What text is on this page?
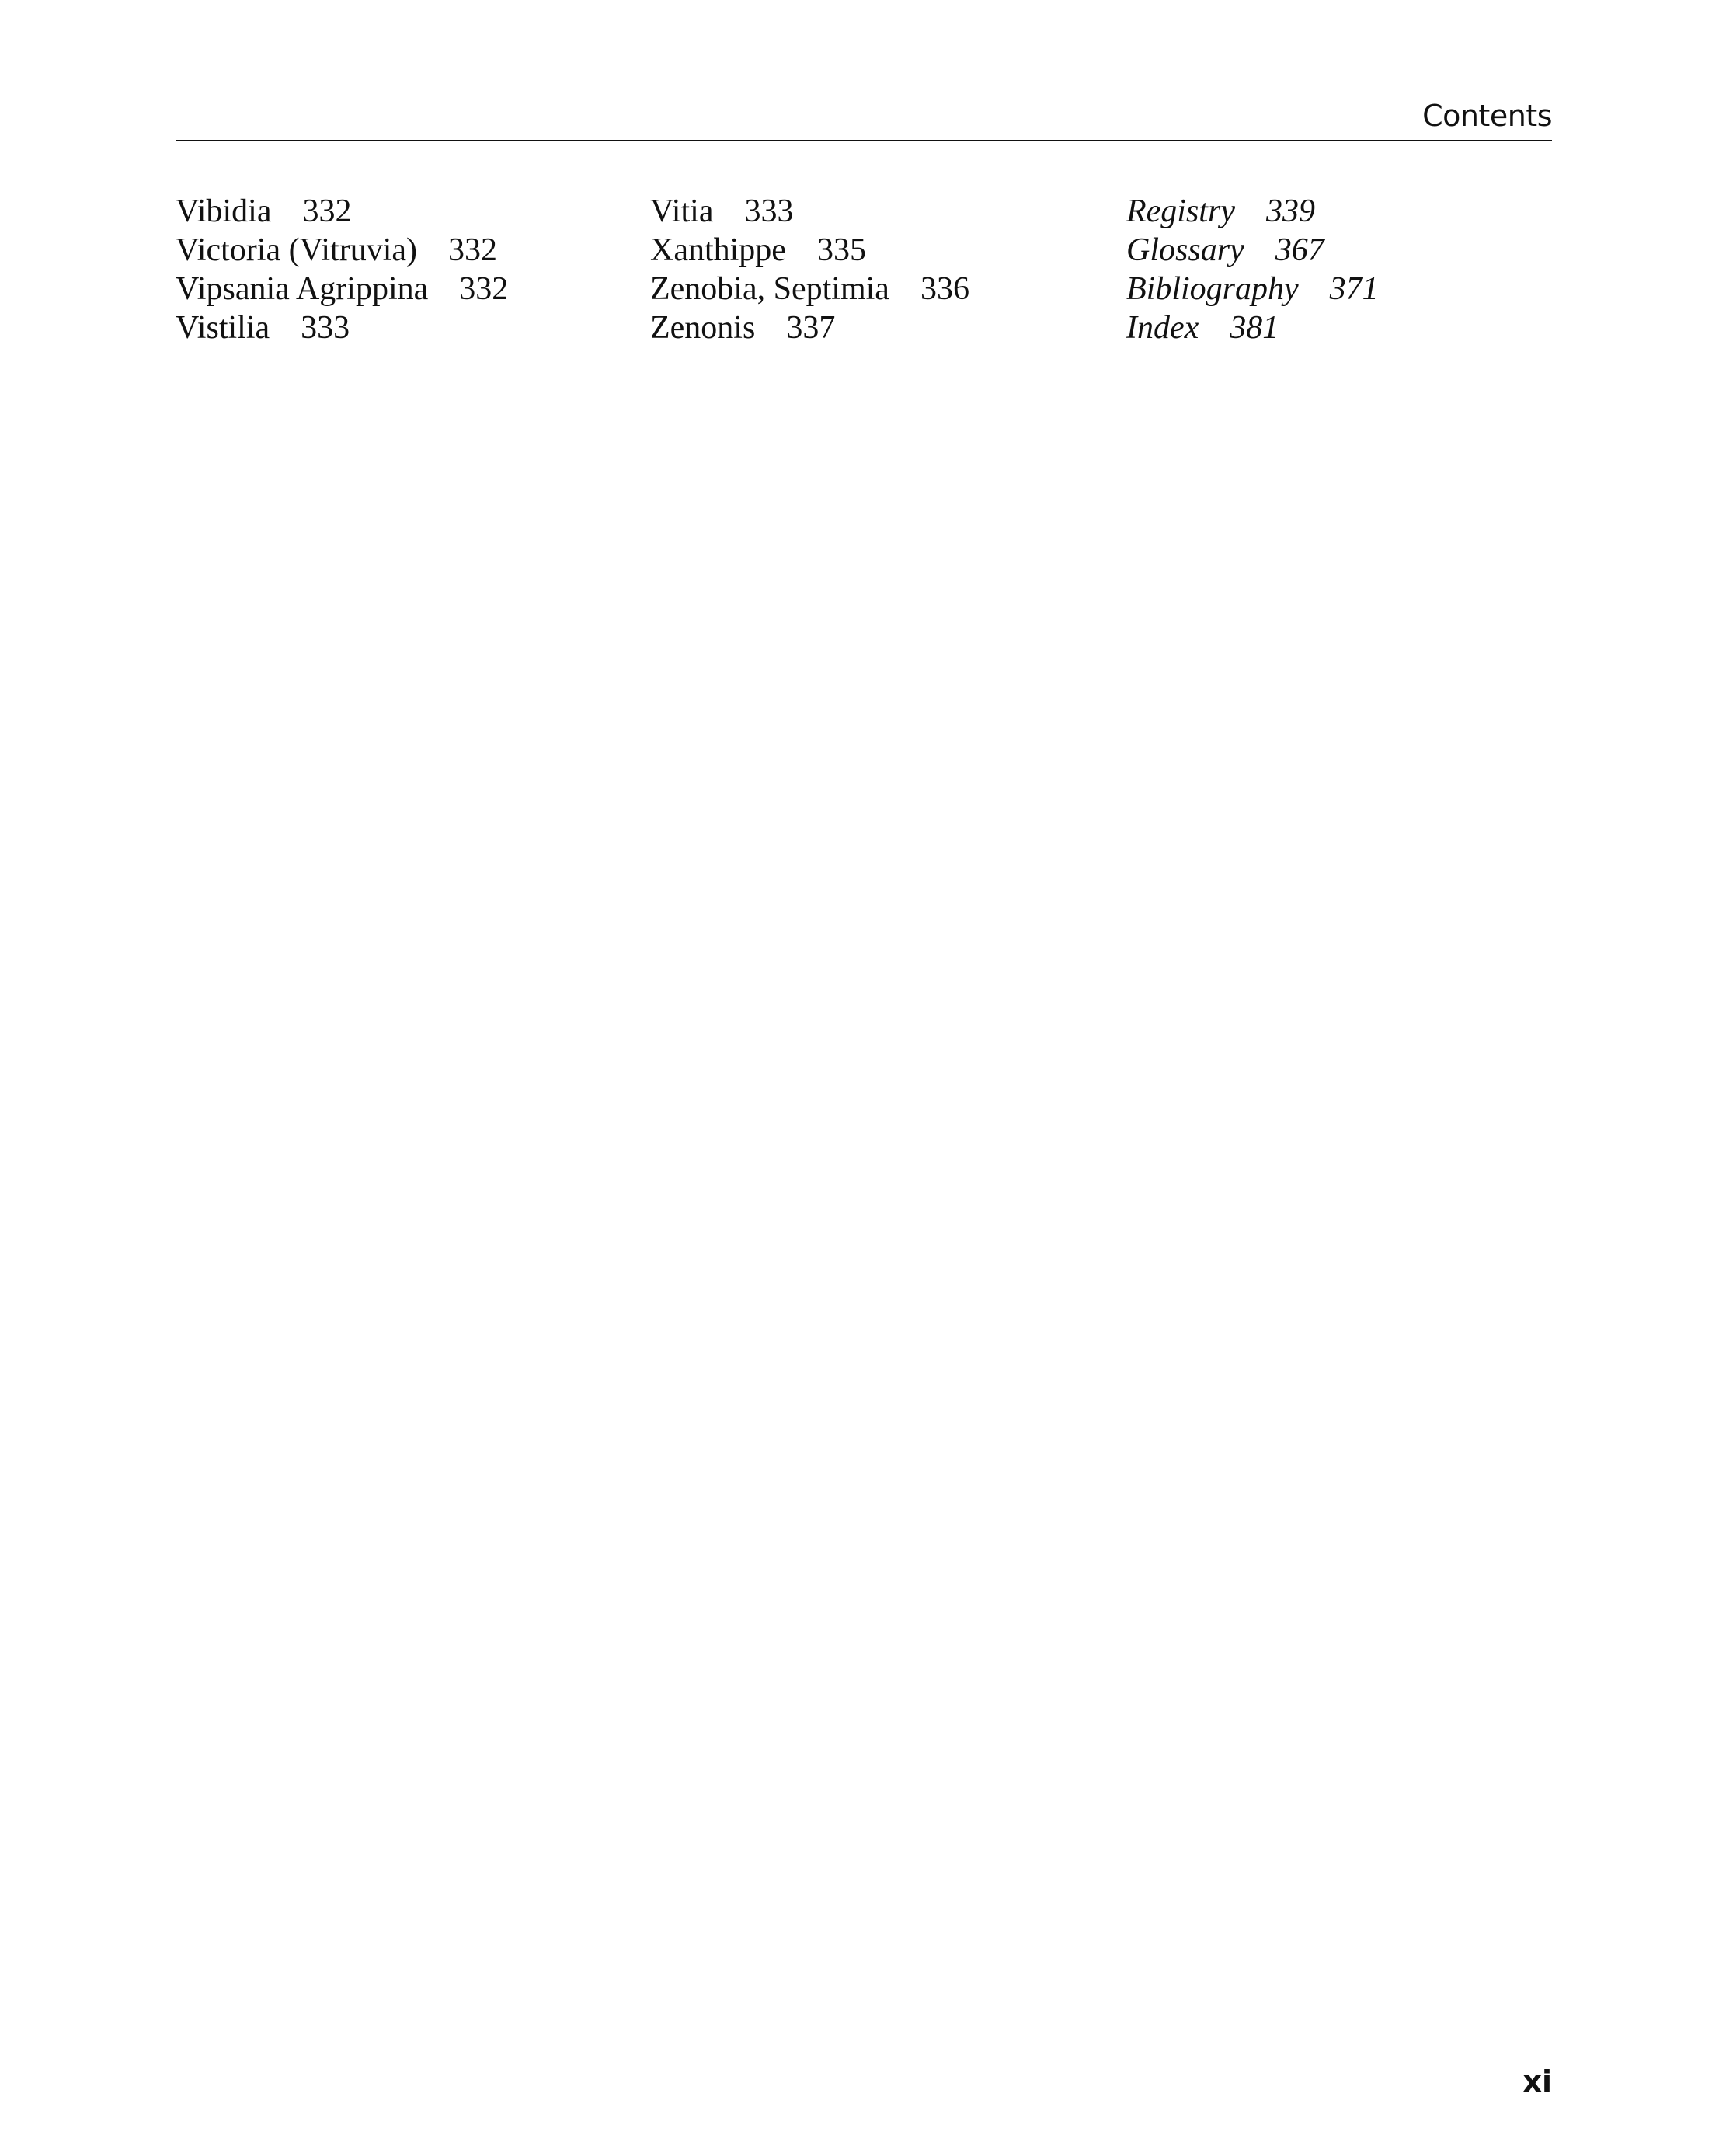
Contents
Vibidia 332
Victoria (Vitruvia) 332
Vipsania Agrippina 332
Vistilia 333
Vitia 333
Xanthippe 335
Zenobia, Septimia 336
Zenonis 337
Registry 339
Glossary 367
Bibliography 371
Index 381
xi
